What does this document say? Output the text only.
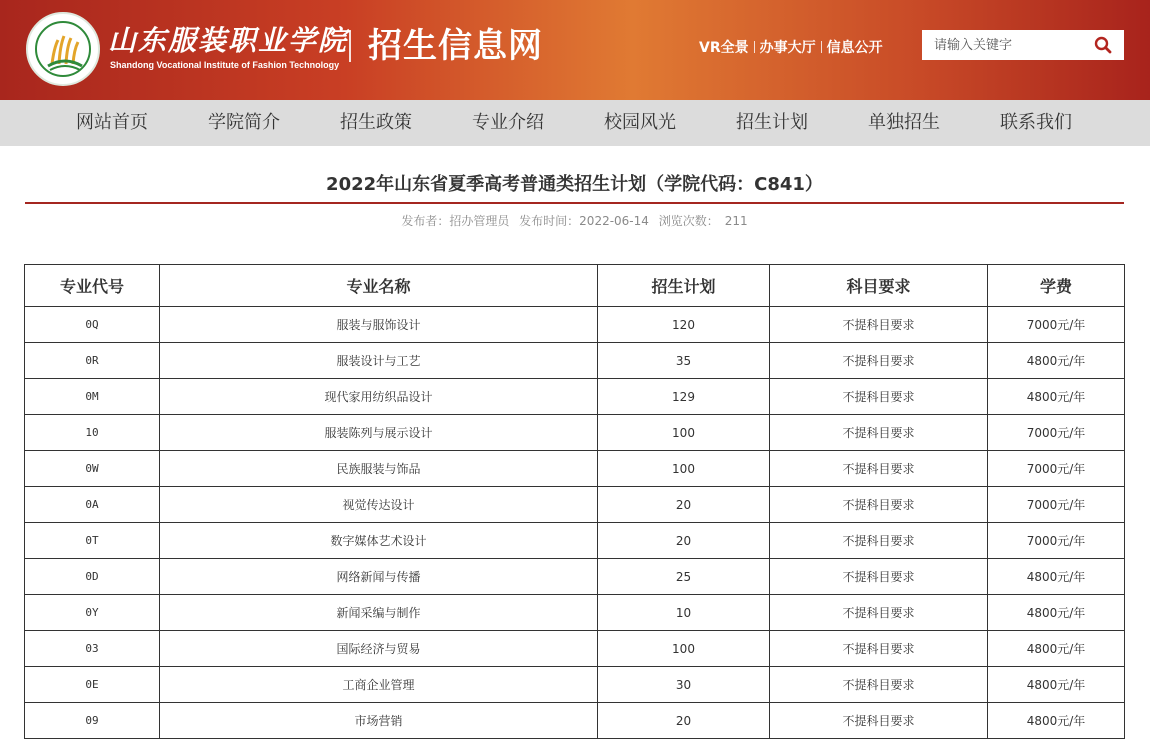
山东服装职业学院
Shandong Vocational Institute of Fashion Technology 招生信息网	VR全景 办事大厅 信息公开
请输入关键字
网站首页	学院简介	招生政策	专业介绍	校园风光	招生计划	单独招生	联系我们
2022年山东省夏季高考普通类招生计划（学院代码：C841）
发布者：招办管理员 发布时间：2022-06-14 浏览次数： 211
专业代号	专业名称	招生计划	科目要求	学费
0Q	服装与服饰设计	120	不提科目要求	7000元/年
0R	服装设计与工艺	35	不提科目要求	4800元/年
0M	现代家用纺织品设计	129	不提科目要求	4800元/年
10	服装陈列与展示设计	100	不提科目要求	7000元/年
0W	民族服装与饰品	100	不提科目要求	7000元/年
0A	视觉传达设计	20	不提科目要求	7000元/年
0T	数字媒体艺术设计	20	不提科目要求	7000元/年
0D	网络新闻与传播	25	不提科目要求	4800元/年
0Y	新闻采编与制作	10	不提科目要求	4800元/年
03	国际经济与贸易	100	不提科目要求	4800元/年
0E	工商企业管理	30	不提科目要求	4800元/年
09	市场营销	20	不提科目要求	4800元/年
